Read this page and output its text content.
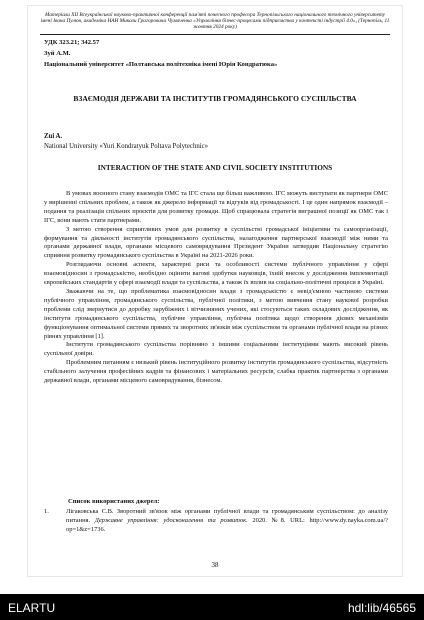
Матеріали XII Всеукраїнської науково-практичної конференції пам'яті почесного професора Тернопільського національного технічного університету імені Івана Пулюя, академіка НАН Миколи Григоровича Чумаченка «Управління бізнес-процесами підприємства у контексті індустрії 4.0», (Тернопіль, 11 жовтня 2024 року)
УДК 323.21; 342.57
Зуй А.М.
Національний університет «Полтавська політехніка імені Юрія Кондратюка»
ВЗАЄМОДІЯ ДЕРЖАВИ ТА ІНСТИТУТІВ ГРОМАДЯНСЬКОГО СУСПІЛЬСТВА
Zui A.
National University «Yuri Kondratyuk Poltava Polytechnic»
INTERACTION OF THE STATE AND CIVIL SOCIETY INSTITUTIONS

В умовах воєнного стану взаємодія ОМС та ІГС стала ще більш важливою. ІГС можуть виступати як партнери ОМС у вирішенні спільних проблем, а також як джерело інформації та відгуків від громадськості. І це один напрямок взаємодії – подання та реалізація спільних проєктів для розвитку громади. Щоб спрацювала стратегія виграшної позиції як ОМС так і ІГС, вони мають стати партнерами.

З метою створення сприятливих умов для розвитку в суспільстві громадської ініціативи та самоорганізації, формування та діяльності інститутів громадянського суспільства, налагодження партнерської взаємодії між ними та органами державної влади, органами місцевого самоврядування Президент України затвердив Національну стратегію сприяння розвитку громадянського суспільства в Україні на 2021-2026 роки.

Розглядаючи основні аспекти, характерні риси та особливості системи публічного управління у сфері взаємовідносин з громадськістю, необхідно оцінити вагомі здобутки науковців, їхній внесок у дослідження імплементації європейських стандартів у сфері взаємодії влади та суспільства, а також їх вплив на соціально-політичні процеси в Україні.

Зважаючи на те, що проблематика взаємовідносин влади з громадськістю є невід'ємною частиною системи публічного управління, громадянського суспільства, публічної політики, з метою вивчення стану наукової розробки проблеми слід звернутися до доробку зарубіжних і вітчизняних учених, які стосуються таких складових дослідження, як інститути громадянського суспільства, публічне управління, публічна політика щодо створення дієвих механізмів функціонування оптимальної системи прямих та зворотних зв'язків між суспільством та органами публічної влади на різних рівнях управління [1].

Інститути громадянського суспільства порівняно з іншими соціальними інституціями мають високий рівень суспільної довіри.

Проблемним питанням є низький рівень інституційного розвитку інститутів громадянського суспільства, відсутність стабільного залучення професійних кадрів та фінансових і матеріальних ресурсів, слабка практик партнерства з органами державної влади, органами місцевого самоврядування, бізнесом.

Список використаних джерел:
1.	Лігаковська С.В. Зворотний зв'язок між органами публічної влади та громадянським суспільством: до аналізу питання. Державне управління: удосконалення та розвиток. 2020. №8. URL: http://www.dy.nayka.com.ua/?op=1&z=1736.
38
ELARTU	hdl:lib/46565
